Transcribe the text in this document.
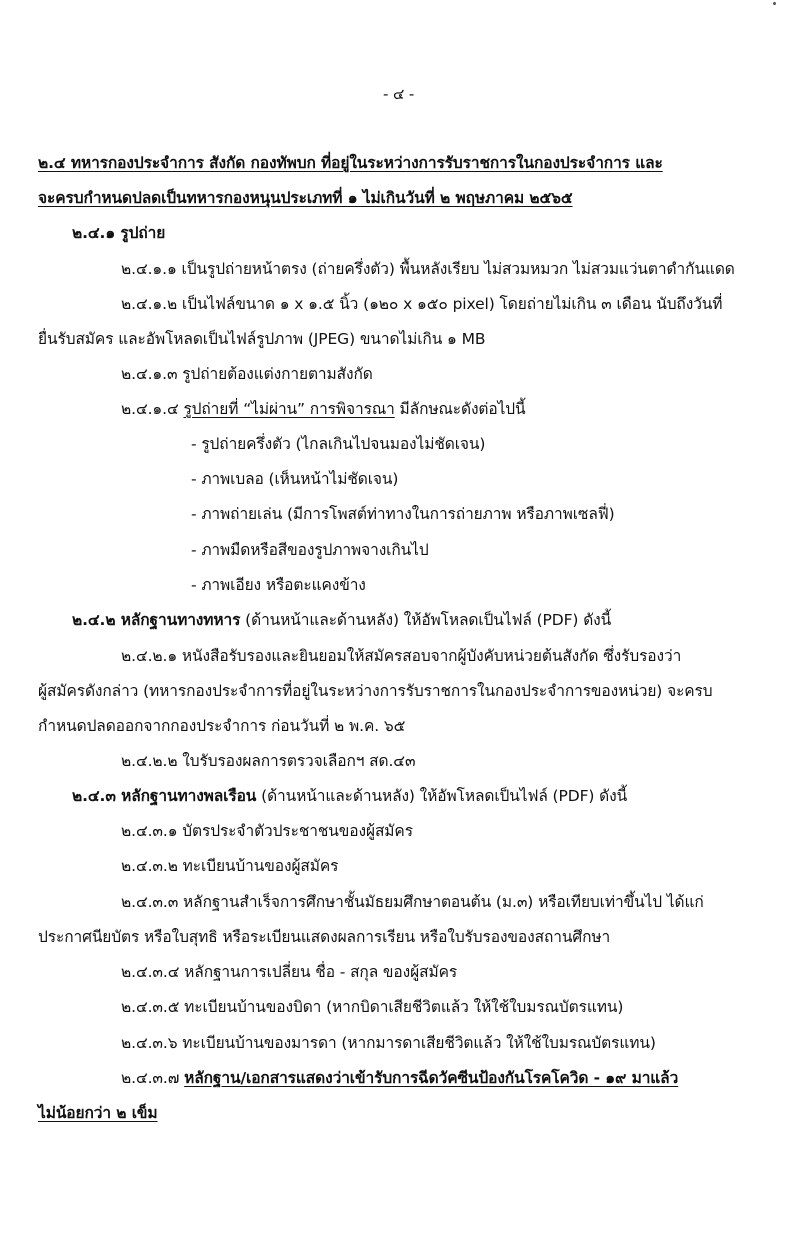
- ๔ -
๒.๔ ทหารกองประจำการ สังกัด กองทัพบก ที่อยู่ในระหว่างการรับราชการในกองประจำการ และ
จะครบกำหนดปลดเป็นทหารกองหนุนประเภทที่ ๑ ไม่เกินวันที่ ๒ พฤษภาคม ๒๕๖๕
๒.๔.๑ รูปถ่าย
๒.๔.๑.๑ เป็นรูปถ่ายหน้าตรง (ถ่ายครึ่งตัว) พื้นหลังเรียบ ไม่สวมหมวก ไม่สวมแว่นตาดำกันแดด
๒.๔.๑.๒ เป็นไฟล์ขนาด ๑ x ๑.๕ นิ้ว (๑๒๐ x ๑๕๐ pixel) โดยถ่ายไม่เกิน ๓ เดือน นับถึงวันที่
ยื่นรับสมัคร และอัพโหลดเป็นไฟล์รูปภาพ (JPEG) ขนาดไม่เกิน ๑ MB
๒.๔.๑.๓ รูปถ่ายต้องแต่งกายตามสังกัด
๒.๔.๑.๔ รูปถ่ายที่ “ไม่ผ่าน” การพิจารณา มีลักษณะดังต่อไปนี้
- รูปถ่ายครึ่งตัว (ไกลเกินไปจนมองไม่ชัดเจน)
- ภาพเบลอ (เห็นหน้าไม่ชัดเจน)
- ภาพถ่ายเล่น (มีการโพสต์ท่าทางในการถ่ายภาพ หรือภาพเซลฟี่)
- ภาพมืดหรือสีของรูปภาพจางเกินไป
- ภาพเอียง หรือตะแคงข้าง
๒.๔.๒ หลักฐานทางทหาร (ด้านหน้าและด้านหลัง) ให้อัพโหลดเป็นไฟล์ (PDF) ดังนี้
๒.๔.๒.๑ หนังสือรับรองและยินยอมให้สมัครสอบจากผู้บังคับหน่วยต้นสังกัด ซึ่งรับรองว่า
ผู้สมัครดังกล่าว (ทหารกองประจำการที่อยู่ในระหว่างการรับราชการในกองประจำการของหน่วย) จะครบ
กำหนดปลดออกจากกองประจำการ ก่อนวันที่ ๒ พ.ค. ๖๕
๒.๔.๒.๒ ใบรับรองผลการตรวจเลือกฯ สด.๔๓
๒.๔.๓ หลักฐานทางพลเรือน (ด้านหน้าและด้านหลัง) ให้อัพโหลดเป็นไฟล์ (PDF) ดังนี้
๒.๔.๓.๑ บัตรประจำตัวประชาชนของผู้สมัคร
๒.๔.๓.๒ ทะเบียนบ้านของผู้สมัคร
๒.๔.๓.๓ หลักฐานสำเร็จการศึกษาชั้นมัธยมศึกษาตอนต้น (ม.๓) หรือเทียบเท่าขึ้นไป ได้แก่
ประกาศนียบัตร หรือใบสุทธิ หรือระเบียนแสดงผลการเรียน หรือใบรับรองของสถานศึกษา
๒.๔.๓.๔ หลักฐานการเปลี่ยน ชื่อ - สกุล ของผู้สมัคร
๒.๔.๓.๕ ทะเบียนบ้านของบิดา (หากบิดาเสียชีวิตแล้ว ให้ใช้ใบมรณบัตรแทน)
๒.๔.๓.๖ ทะเบียนบ้านของมารดา (หากมารดาเสียชีวิตแล้ว ให้ใช้ใบมรณบัตรแทน)
๒.๔.๓.๗ หลักฐาน/เอกสารแสดงว่าเข้ารับการฉีดวัคซีนป้องกันโรคโควิด - ๑๙ มาแล้ว
ไม่น้อยกว่า ๒ เข็ม
